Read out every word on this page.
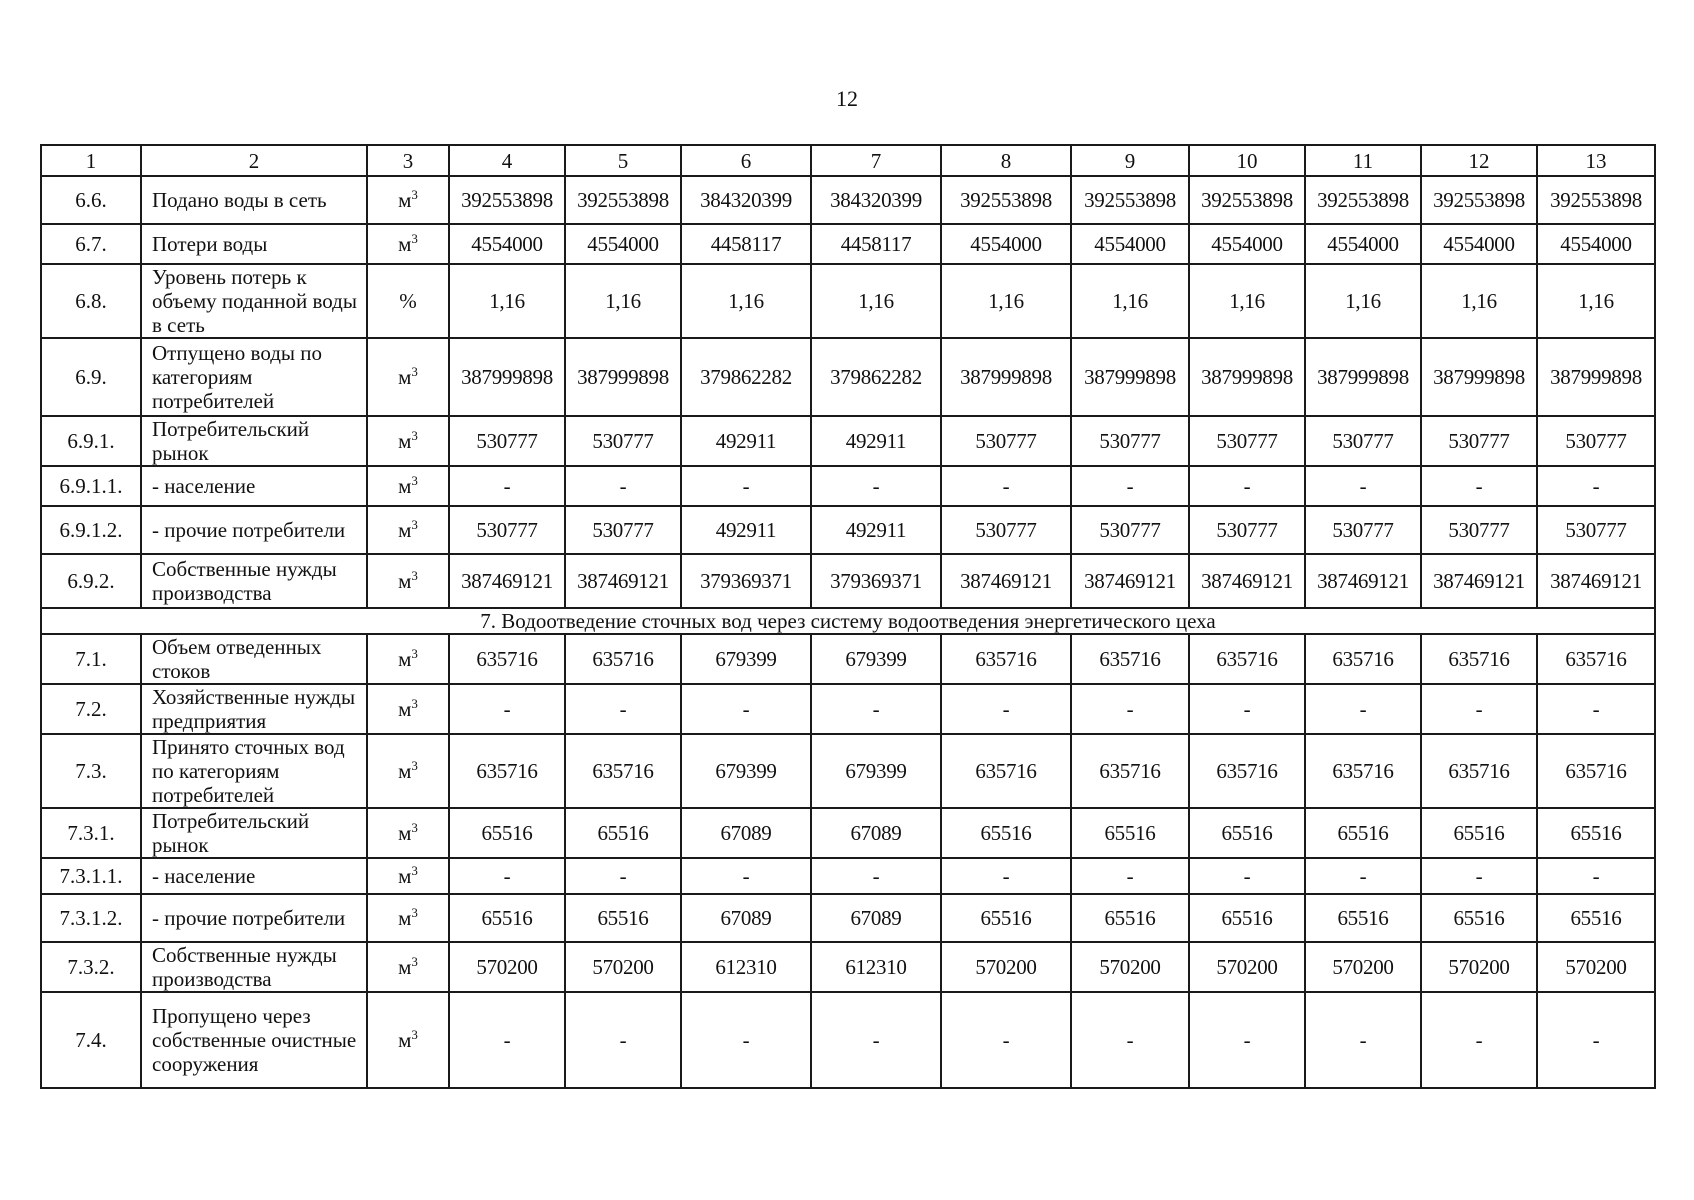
12
1	2	3	4	5	6	7	8	9	10	11	12	13
6.6.	Подано воды в сеть	$м^3$	392553898	392553898	384320399	384320399	392553898	392553898	392553898	392553898	392553898	392553898
6.7.	Потери воды	$м^3$	4554000	4554000	4458117	4458117	4554000	4554000	4554000	4554000	4554000	4554000
6.8.	Уровень потерь к объему поданной воды в сеть	%	1,16	1,16	1,16	1,16	1,16	1,16	1,16	1,16	1,16	1,16
6.9.	Отпущено воды по категориям потребителей	$м^3$	387999898	387999898	379862282	379862282	387999898	387999898	387999898	387999898	387999898	387999898
6.9.1.	Потребительский рынок	$м^3$	530777	530777	492911	492911	530777	530777	530777	530777	530777	530777
6.9.1.1.	- население	$м^3$	-	-	-	-	-	-	-	-	-	-
6.9.1.2.	- прочие потребители	$м^3$	530777	530777	492911	492911	530777	530777	530777	530777	530777	530777
6.9.2.	Собственные нужды производства	$м^3$	387469121	387469121	379369371	379369371	387469121	387469121	387469121	387469121	387469121	387469121
7. Водоотведение сточных вод через систему водоотведения энергетического цеха												
7.1.	Объем отведенных стоков	$м^3$	635716	635716	679399	679399	635716	635716	635716	635716	635716	635716
7.2.	Хозяйственные нужды предприятия	$м^3$	-	-	-	-	-	-	-	-	-	-
7.3.	Принято сточных вод по категориям потребителей	$м^3$	635716	635716	679399	679399	635716	635716	635716	635716	635716	635716
7.3.1.	Потребительский рынок	$м^3$	65516	65516	67089	67089	65516	65516	65516	65516	65516	65516
7.3.1.1.	- население	$м^3$	-	-	-	-	-	-	-	-	-	-
7.3.1.2.	- прочие потребители	$м^3$	65516	65516	67089	67089	65516	65516	65516	65516	65516	65516
7.3.2.	Собственные нужды производства	$м^3$	570200	570200	612310	612310	570200	570200	570200	570200	570200	570200
7.4.	Пропущено через собственные очистные сооружения	$м^3$	-	-	-	-	-	-	-	-	-	-
